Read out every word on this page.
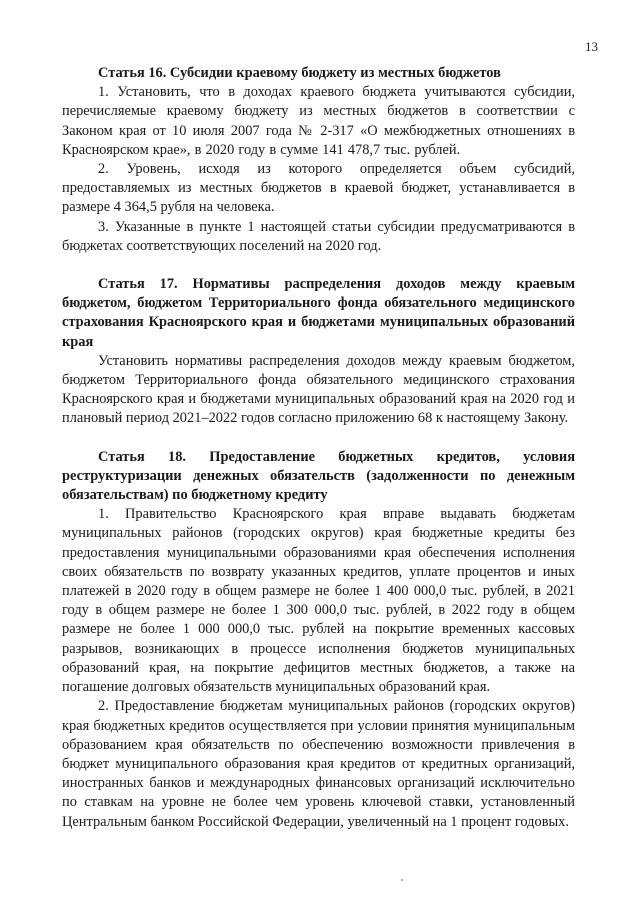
13

Статья 16. Субсидии краевому бюджету из местных бюджетов

1. Установить, что в доходах краевого бюджета учитываются субсидии, перечисляемые краевому бюджету из местных бюджетов в соответствии с Законом края от 10 июля 2007 года № 2-317 «О межбюджетных отношениях в Красноярском крае», в 2020 году в сумме 141 478,7 тыс. рублей.

2. Уровень, исходя из которого определяется объем субсидий, предоставляемых из местных бюджетов в краевой бюджет, устанавливается в размере 4 364,5 рубля на человека.

3. Указанные в пункте 1 настоящей статьи субсидии предусматриваются в бюджетах соответствующих поселений на 2020 год.

Статья 17. Нормативы распределения доходов между краевым бюджетом, бюджетом Территориального фонда обязательного медицинского страхования Красноярского края и бюджетами муниципальных образований края

Установить нормативы распределения доходов между краевым бюджетом, бюджетом Территориального фонда обязательного медицинского страхования Красноярского края и бюджетами муниципальных образований края на 2020 год и плановый период 2021–2022 годов согласно приложению 68 к настоящему Закону.

Статья 18. Предоставление бюджетных кредитов, условия реструктуризации денежных обязательств (задолженности по денежным обязательствам) по бюджетному кредиту

1. Правительство Красноярского края вправе выдавать бюджетам муниципальных районов (городских округов) края бюджетные кредиты без предоставления муниципальными образованиями края обеспечения исполнения своих обязательств по возврату указанных кредитов, уплате процентов и иных платежей в 2020 году в общем размере не более 1 400 000,0 тыс. рублей, в 2021 году в общем размере не более 1 300 000,0 тыс. рублей, в 2022 году в общем размере не более 1 000 000,0 тыс. рублей на покрытие временных кассовых разрывов, возникающих в процессе исполнения бюджетов муниципальных образований края, на покрытие дефицитов местных бюджетов, а также на погашение долговых обязательств муниципальных образований края.

2. Предоставление бюджетам муниципальных районов (городских округов) края бюджетных кредитов осуществляется при условии принятия муниципальным образованием края обязательств по обеспечению возможности привлечения в бюджет муниципального образования края кредитов от кредитных организаций, иностранных банков и международных финансовых организаций исключительно по ставкам на уровне не более чем уровень ключевой ставки, установленный Центральным банком Российской Федерации, увеличенный на 1 процент годовых.
